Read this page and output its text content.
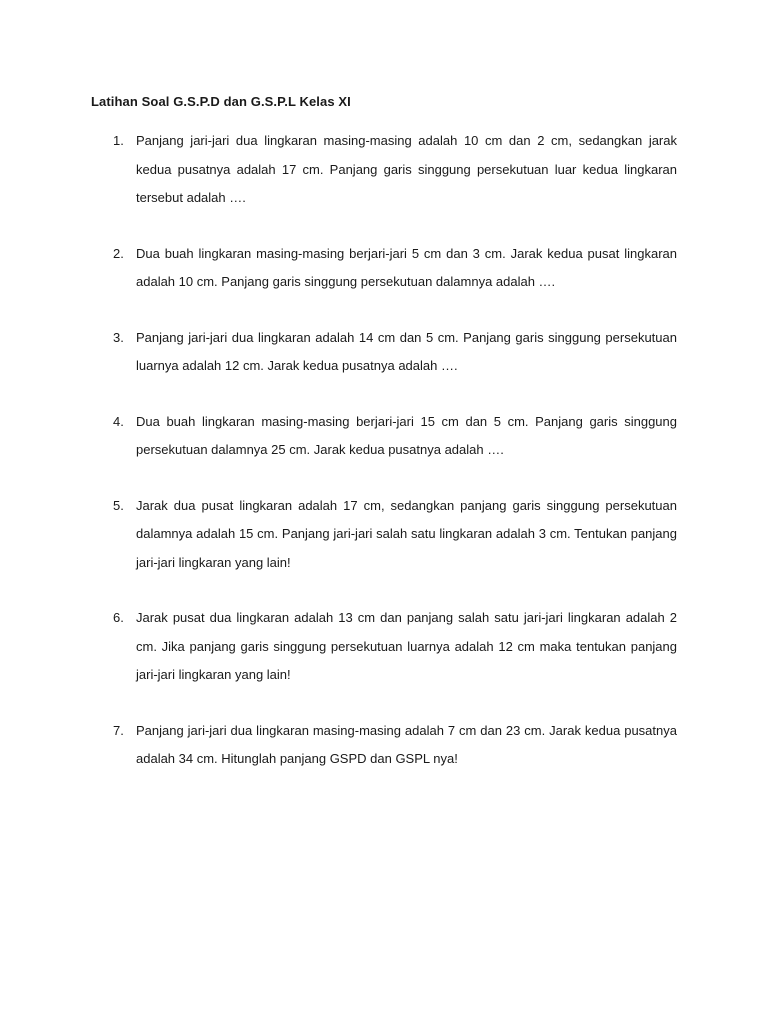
Latihan Soal G.S.P.D dan G.S.P.L Kelas XI
1. Panjang jari-jari dua lingkaran masing-masing adalah 10 cm dan 2 cm, sedangkan jarak kedua pusatnya adalah 17 cm. Panjang garis singgung persekutuan luar kedua lingkaran tersebut adalah ….
2. Dua buah lingkaran masing-masing berjari-jari 5 cm dan 3 cm. Jarak kedua pusat lingkaran adalah 10 cm. Panjang garis singgung persekutuan dalamnya adalah ….
3. Panjang jari-jari dua lingkaran adalah 14 cm dan 5 cm. Panjang garis singgung persekutuan luarnya adalah 12 cm. Jarak kedua pusatnya adalah ….
4. Dua buah lingkaran masing-masing berjari-jari 15 cm dan 5 cm. Panjang garis singgung persekutuan dalamnya 25 cm. Jarak kedua pusatnya adalah ….
5. Jarak dua pusat lingkaran adalah 17 cm, sedangkan panjang garis singgung persekutuan dalamnya adalah 15 cm. Panjang jari-jari salah satu lingkaran adalah 3 cm. Tentukan panjang jari-jari lingkaran yang lain!
6. Jarak pusat dua lingkaran adalah 13 cm dan panjang salah satu jari-jari lingkaran adalah 2 cm. Jika panjang garis singgung persekutuan luarnya adalah 12 cm maka tentukan panjang jari-jari lingkaran yang lain!
7. Panjang jari-jari dua lingkaran masing-masing adalah 7 cm dan 23 cm. Jarak kedua pusatnya adalah 34 cm. Hitunglah panjang GSPD dan GSPL nya!
